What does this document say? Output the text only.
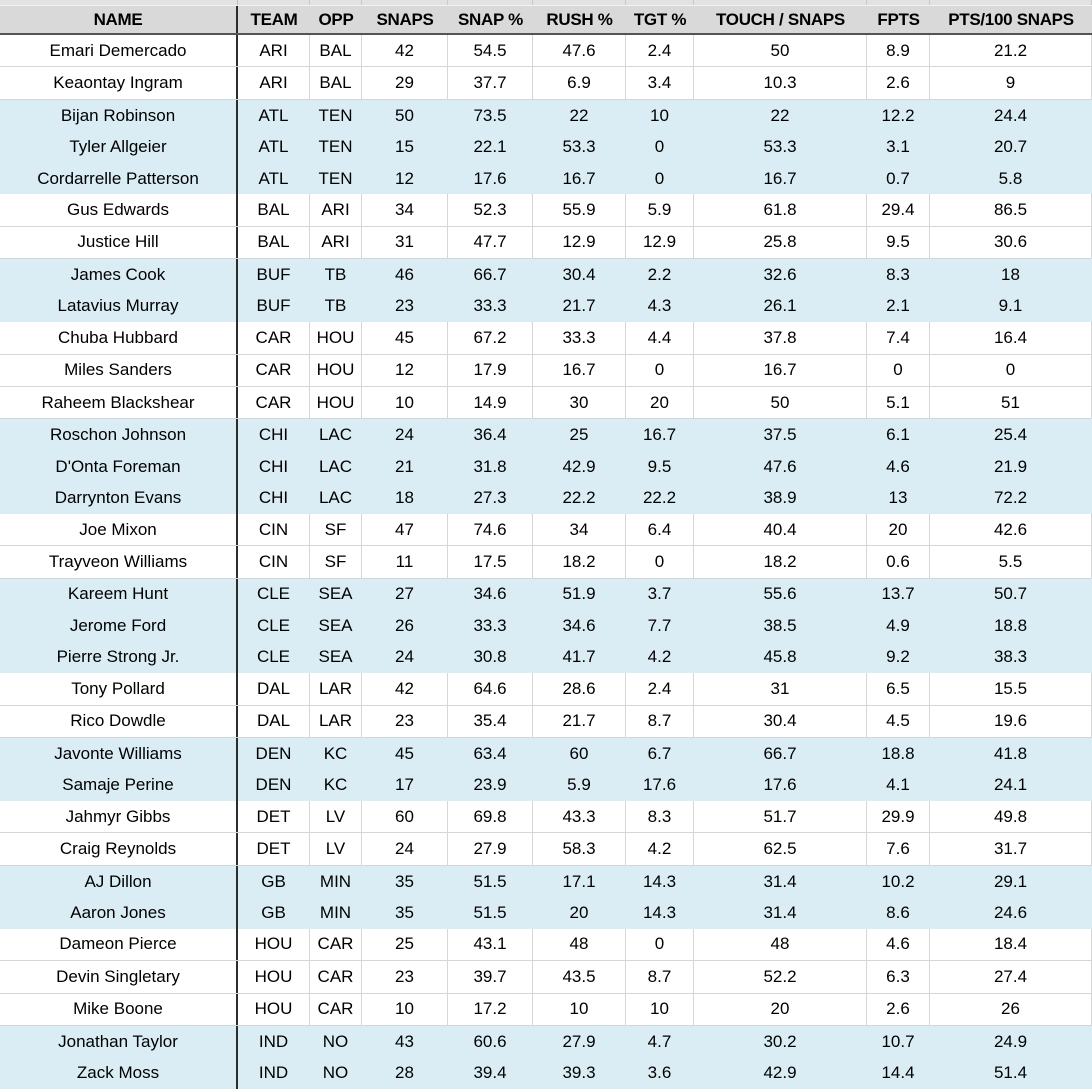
NAME	TEAM	OPP	SNAPS	SNAP %	RUSH %	TGT %	TOUCH / SNAPS	FPTS	PTS/100 SNAPS
Emari Demercado	ARI	BAL	42	54.5	47.6	2.4	50	8.9	21.2
Keaontay Ingram	ARI	BAL	29	37.7	6.9	3.4	10.3	2.6	9
Bijan Robinson	ATL	TEN	50	73.5	22	10	22	12.2	24.4
Tyler Allgeier	ATL	TEN	15	22.1	53.3	0	53.3	3.1	20.7
Cordarrelle Patterson	ATL	TEN	12	17.6	16.7	0	16.7	0.7	5.8
Gus Edwards	BAL	ARI	34	52.3	55.9	5.9	61.8	29.4	86.5
Justice Hill	BAL	ARI	31	47.7	12.9	12.9	25.8	9.5	30.6
James Cook	BUF	TB	46	66.7	30.4	2.2	32.6	8.3	18
Latavius Murray	BUF	TB	23	33.3	21.7	4.3	26.1	2.1	9.1
Chuba Hubbard	CAR	HOU	45	67.2	33.3	4.4	37.8	7.4	16.4
Miles Sanders	CAR	HOU	12	17.9	16.7	0	16.7	0	0
Raheem Blackshear	CAR	HOU	10	14.9	30	20	50	5.1	51
Roschon Johnson	CHI	LAC	24	36.4	25	16.7	37.5	6.1	25.4
D'Onta Foreman	CHI	LAC	21	31.8	42.9	9.5	47.6	4.6	21.9
Darrynton Evans	CHI	LAC	18	27.3	22.2	22.2	38.9	13	72.2
Joe Mixon	CIN	SF	47	74.6	34	6.4	40.4	20	42.6
Trayveon Williams	CIN	SF	11	17.5	18.2	0	18.2	0.6	5.5
Kareem Hunt	CLE	SEA	27	34.6	51.9	3.7	55.6	13.7	50.7
Jerome Ford	CLE	SEA	26	33.3	34.6	7.7	38.5	4.9	18.8
Pierre Strong Jr.	CLE	SEA	24	30.8	41.7	4.2	45.8	9.2	38.3
Tony Pollard	DAL	LAR	42	64.6	28.6	2.4	31	6.5	15.5
Rico Dowdle	DAL	LAR	23	35.4	21.7	8.7	30.4	4.5	19.6
Javonte Williams	DEN	KC	45	63.4	60	6.7	66.7	18.8	41.8
Samaje Perine	DEN	KC	17	23.9	5.9	17.6	17.6	4.1	24.1
Jahmyr Gibbs	DET	LV	60	69.8	43.3	8.3	51.7	29.9	49.8
Craig Reynolds	DET	LV	24	27.9	58.3	4.2	62.5	7.6	31.7
AJ Dillon	GB	MIN	35	51.5	17.1	14.3	31.4	10.2	29.1
Aaron Jones	GB	MIN	35	51.5	20	14.3	31.4	8.6	24.6
Dameon Pierce	HOU	CAR	25	43.1	48	0	48	4.6	18.4
Devin Singletary	HOU	CAR	23	39.7	43.5	8.7	52.2	6.3	27.4
Mike Boone	HOU	CAR	10	17.2	10	10	20	2.6	26
Jonathan Taylor	IND	NO	43	60.6	27.9	4.7	30.2	10.7	24.9
Zack Moss	IND	NO	28	39.4	39.3	3.6	42.9	14.4	51.4
